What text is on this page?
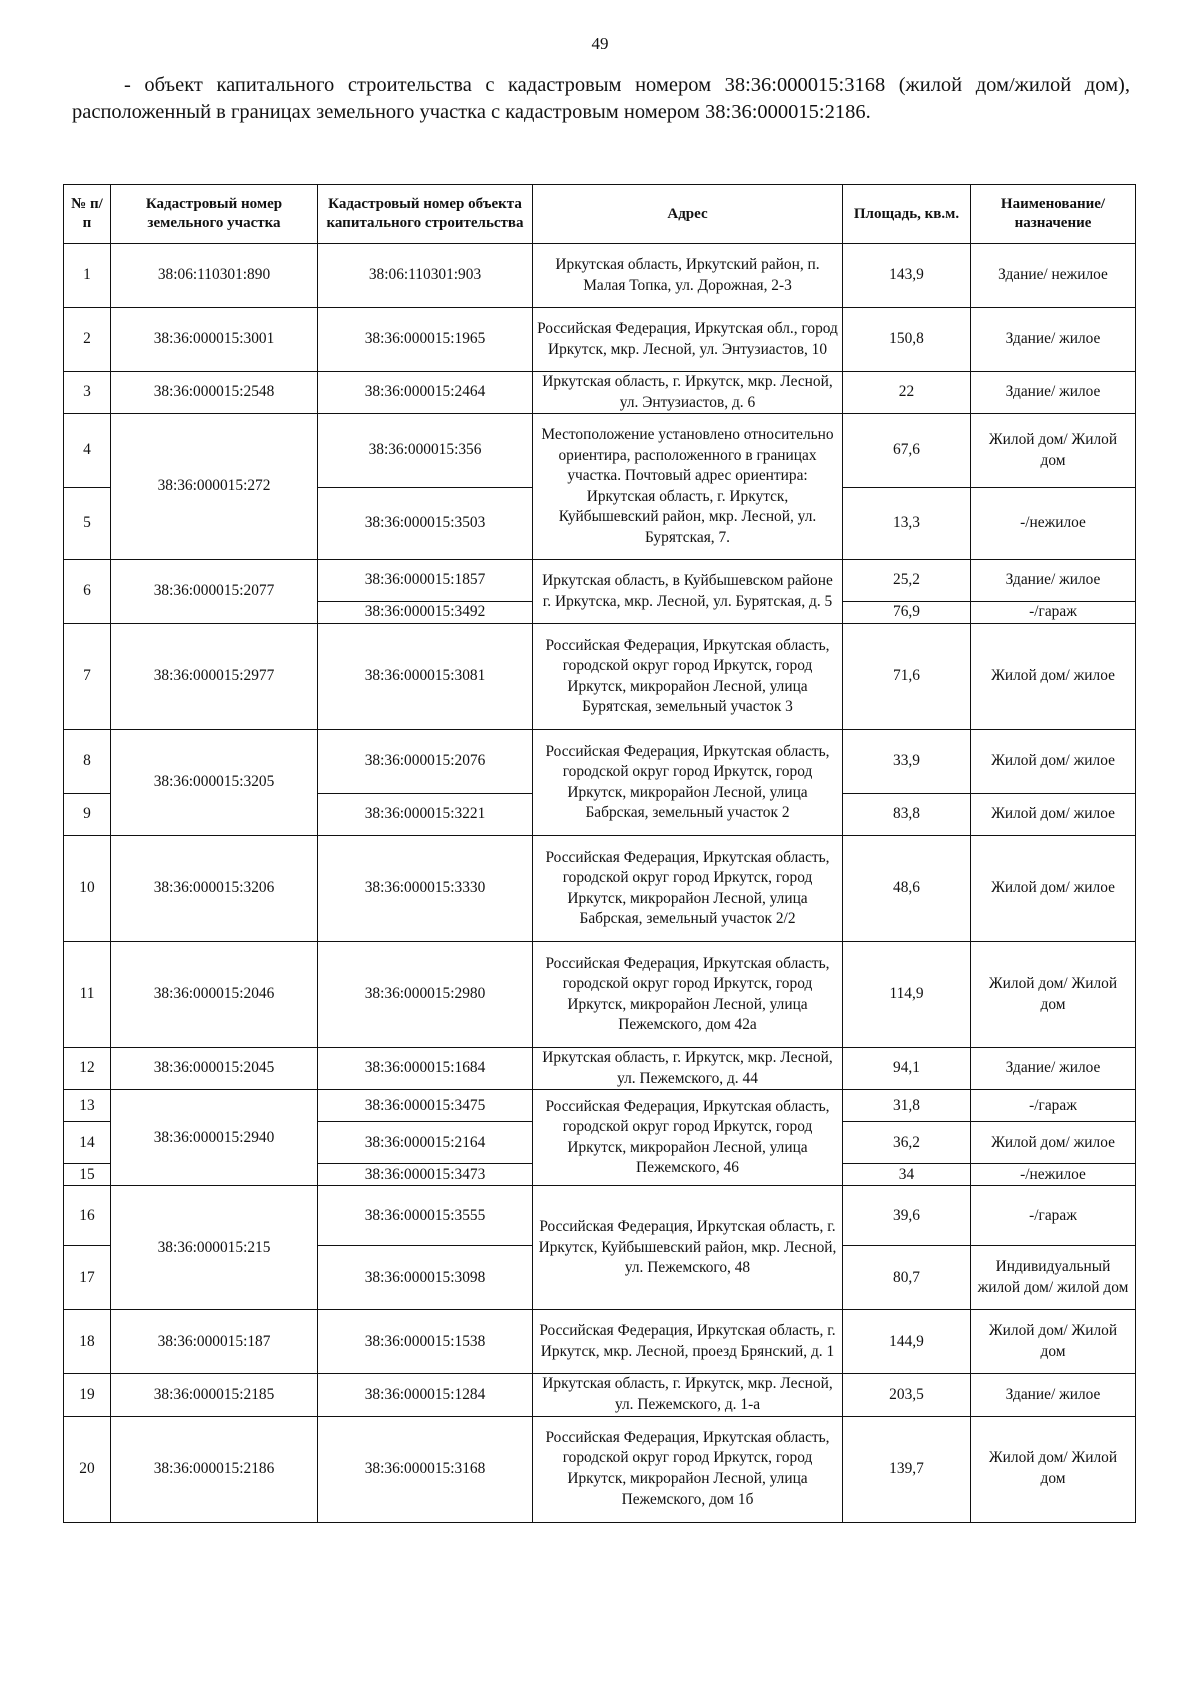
49
- объект капитального строительства с кадастровым номером 38:36:000015:3168 (жилой дом/жилой дом), расположенный в границах земельного участка с кадастровым номером 38:36:000015:2186.
№ п/п	Кадастровый номер земельного участка	Кадастровый номер объекта капитального строительства	Адрес	Площадь, кв.м.	Наименование/ назначение
1	38:06:110301:890	38:06:110301:903	Иркутская область, Иркутский район, п. Малая Топка, ул. Дорожная, 2-3	143,9	Здание/ нежилое
2	38:36:000015:3001	38:36:000015:1965	Российская Федерация, Иркутская обл., город Иркутск, мкр. Лесной, ул. Энтузиастов, 10	150,8	Здание/ жилое
3	38:36:000015:2548	38:36:000015:2464	Иркутская область, г. Иркутск, мкр. Лесной, ул. Энтузиастов, д. 6	22	Здание/ жилое
4	38:36:000015:272	38:36:000015:356	Местоположение установлено относительно ориентира, расположенного в границах участка. Почтовый адрес ориентира: Иркутская область, г. Иркутск, Куйбышевский район, мкр. Лесной, ул. Бурятская, 7.	67,6	Жилой дом/ Жилой дом
5		38:36:000015:3503		13,3	-/нежилое
6	38:36:000015:2077	38:36:000015:1857	Иркутская область, в Куйбышевском районе г. Иркутска, мкр. Лесной, ул. Бурятская, д. 5	25,2	Здание/ жилое
		38:36:000015:3492		76,9	-/гараж
7	38:36:000015:2977	38:36:000015:3081	Российская Федерация, Иркутская область, городской округ город Иркутск, город Иркутск, микрорайон Лесной, улица Бурятская, земельный участок 3	71,6	Жилой дом/ жилое
8	38:36:000015:3205	38:36:000015:2076	Российская Федерация, Иркутская область, городской округ город Иркутск, город Иркутск, микрорайон Лесной, улица Бабрская, земельный участок 2	33,9	Жилой дом/ жилое
9		38:36:000015:3221		83,8	Жилой дом/ жилое
10	38:36:000015:3206	38:36:000015:3330	Российская Федерация, Иркутская область, городской округ город Иркутск, город Иркутск, микрорайон Лесной, улица Бабрская, земельный участок 2/2	48,6	Жилой дом/ жилое
11	38:36:000015:2046	38:36:000015:2980	Российская Федерация, Иркутская область, городской округ город Иркутск, город Иркутск, микрорайон Лесной, улица Пежемского, дом 42а	114,9	Жилой дом/ Жилой дом
12	38:36:000015:2045	38:36:000015:1684	Иркутская область, г. Иркутск, мкр. Лесной, ул. Пежемского, д. 44	94,1	Здание/ жилое
13	38:36:000015:2940	38:36:000015:3475	Российская Федерация, Иркутская область, городской округ город Иркутск, город Иркутск, микрорайон Лесной, улица Пежемского, 46	31,8	-/гараж
14		38:36:000015:2164		36,2	Жилой дом/ жилое
15		38:36:000015:3473		34	-/нежилое
16	38:36:000015:215	38:36:000015:3555	Российская Федерация, Иркутская область, г. Иркутск, Куйбышевский район, мкр. Лесной, ул. Пежемского, 48	39,6	-/гараж
17		38:36:000015:3098		80,7	Индивидуальный жилой дом/ жилой дом
18	38:36:000015:187	38:36:000015:1538	Российская Федерация, Иркутская область, г. Иркутск, мкр. Лесной, проезд Брянский, д. 1	144,9	Жилой дом/ Жилой дом
19	38:36:000015:2185	38:36:000015:1284	Иркутская область, г. Иркутск, мкр. Лесной, ул. Пежемского, д. 1-а	203,5	Здание/ жилое
20	38:36:000015:2186	38:36:000015:3168	Российская Федерация, Иркутская область, городской округ город Иркутск, город Иркутск, микрорайон Лесной, улица Пежемского, дом 1б	139,7	Жилой дом/ Жилой дом
